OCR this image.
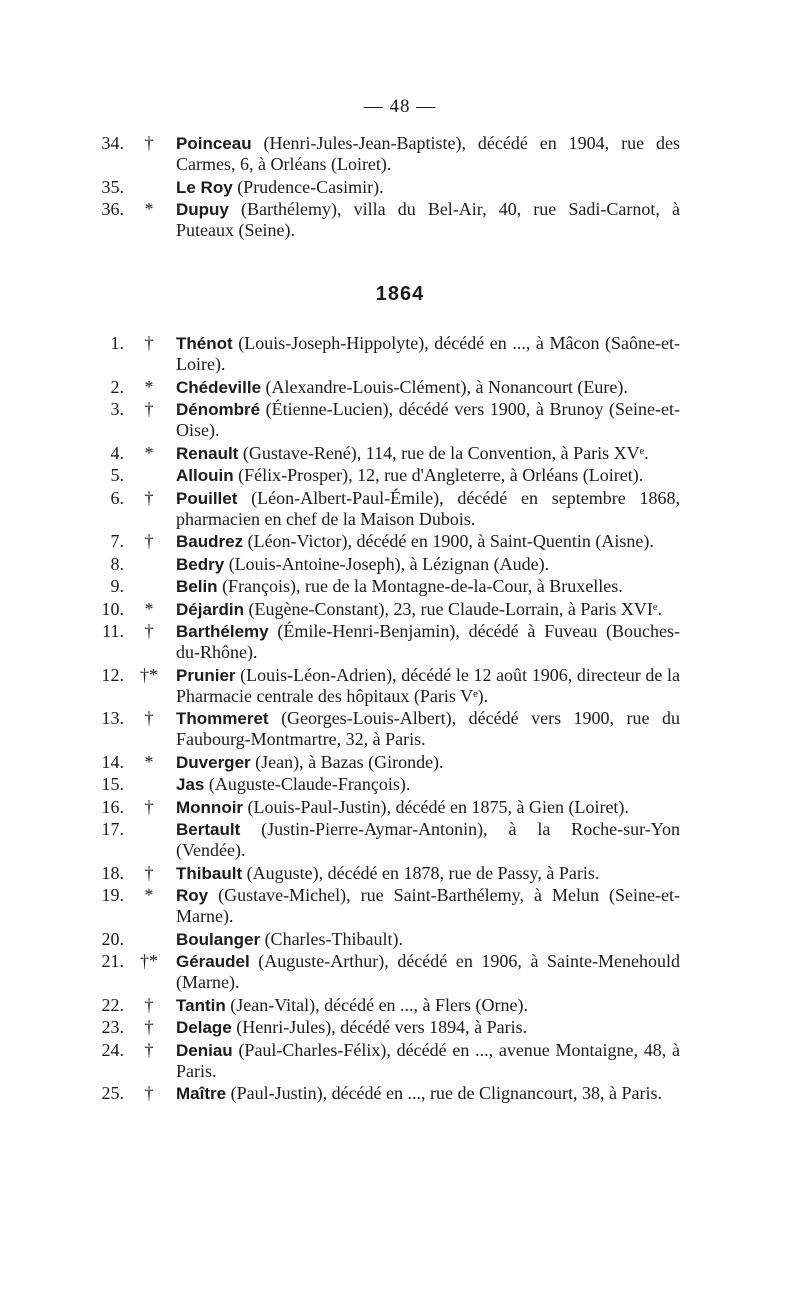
— 48 —
34.	†	Poinceau (Henri-Jules-Jean-Baptiste), décédé en 1904, rue des Carmes, 6, à Orléans (Loiret).
35.	Le Roy (Prudence-Casimir).
36.	*	Dupuy (Barthélemy), villa du Bel-Air, 40, rue Sadi-Carnot, à Puteaux (Seine).
1864
1.	†	Thénot (Louis-Joseph-Hippolyte), décédé en ..., à Mâcon (Saône-et-Loire).
2.	*	Chédeville (Alexandre-Louis-Clément), à Nonancourt (Eure).
3.	†	Dénombré (Étienne-Lucien), décédé vers 1900, à Brunoy (Seine-et-Oise).
4.	*	Renault (Gustave-René), 114, rue de la Convention, à Paris XVᵉ.
5.	Allouin (Félix-Prosper), 12, rue d'Angleterre, à Orléans (Loiret).
6.	†	Pouillet (Léon-Albert-Paul-Émile), décédé en septembre 1868, pharmacien en chef de la Maison Dubois.
7.	†	Baudrez (Léon-Victor), décédé en 1900, à Saint-Quentin (Aisne).
8.	Bedry (Louis-Antoine-Joseph), à Lézignan (Aude).
9.	Belin (François), rue de la Montagne-de-la-Cour, à Bruxelles.
10.	*	Déjardin (Eugène-Constant), 23, rue Claude-Lorrain, à Paris XVIᵉ.
11.	†	Barthélemy (Émile-Henri-Benjamin), décédé à Fuveau (Bouches-du-Rhône).
12. †*	Prunier (Louis-Léon-Adrien), décédé le 12 août 1906, directeur de la Pharmacie centrale des hôpitaux (Paris Vᵉ).
13.	†	Thommeret (Georges-Louis-Albert), décédé vers 1900, rue du Faubourg-Montmartre, 32, à Paris.
14.	*	Duverger (Jean), à Bazas (Gironde).
15.	Jas (Auguste-Claude-François).
16.	†	Monnoir (Louis-Paul-Justin), décédé en 1875, à Gien (Loiret).
17.	Bertault (Justin-Pierre-Aymar-Antonin), à la Roche-sur-Yon (Vendée).
18.	†	Thibault (Auguste), décédé en 1878, rue de Passy, à Paris.
19.	*	Roy (Gustave-Michel), rue Saint-Barthélemy, à Melun (Seine-et-Marne).
20.	Boulanger (Charles-Thibault).
21. †*	Géraudel (Auguste-Arthur), décédé en 1906, à Sainte-Menehould (Marne).
22.	†	Tantin (Jean-Vital), décédé en ..., à Flers (Orne).
23.	†	Delage (Henri-Jules), décédé vers 1894, à Paris.
24.	†	Deniau (Paul-Charles-Félix), décédé en ..., avenue Montaigne, 48, à Paris.
25.	†	Maître (Paul-Justin), décédé en ..., rue de Clignancourt, 38, à Paris.
